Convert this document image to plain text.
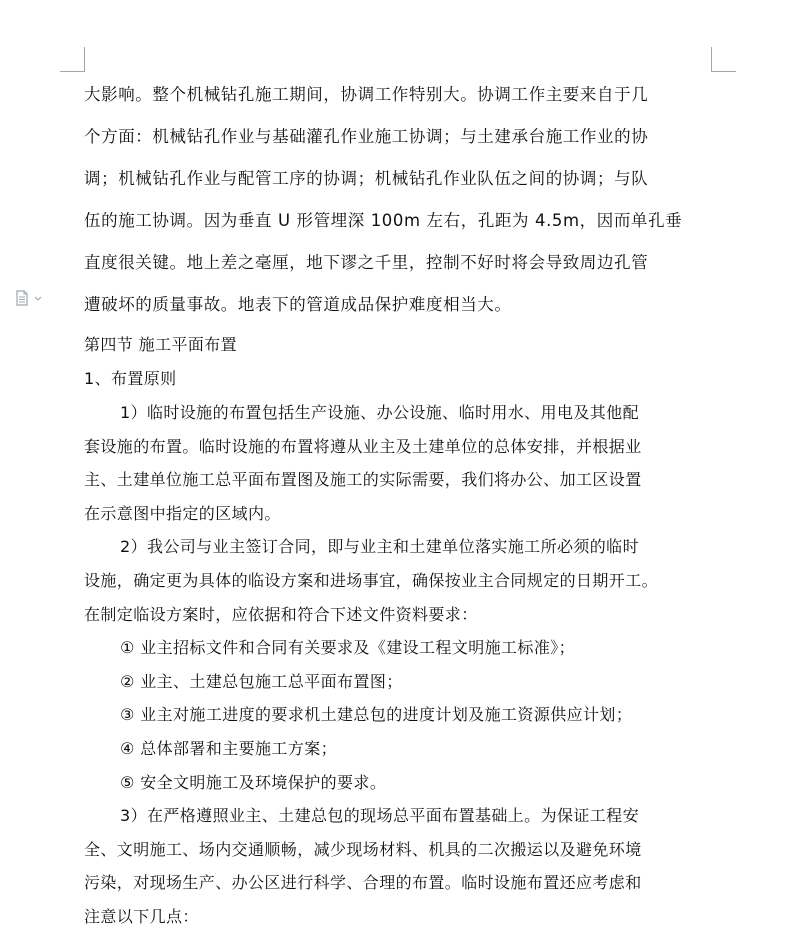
大影响。整个机械钻孔施工期间，协调工作特别大。协调工作主要来自于几
个方面：机械钻孔作业与基础灌孔作业施工协调；与土建承台施工作业的协
调；机械钻孔作业与配管工序的协调；机械钻孔作业队伍之间的协调；与队
伍的施工协调。因为垂直 U 形管埋深 100m 左右，孔距为 4.5m，因而单孔垂
直度很关键。地上差之毫厘，地下谬之千里，控制不好时将会导致周边孔管
遭破坏的质量事故。地表下的管道成品保护难度相当大。

第四节 施工平面布置

1、布置原则

1）临时设施的布置包括生产设施、办公设施、临时用水、用电及其他配
套设施的布置。临时设施的布置将遵从业主及土建单位的总体安排，并根据业
主、土建单位施工总平面布置图及施工的实际需要，我们将办公、加工区设置
在示意图中指定的区域内。

2）我公司与业主签订合同，即与业主和土建单位落实施工所必须的临时
设施，确定更为具体的临设方案和进场事宜，确保按业主合同规定的日期开工。
在制定临设方案时，应依据和符合下述文件资料要求：

① 业主招标文件和合同有关要求及《建设工程文明施工标准》；

② 业主、土建总包施工总平面布置图；

③ 业主对施工进度的要求机土建总包的进度计划及施工资源供应计划；

④ 总体部署和主要施工方案；

⑤ 安全文明施工及环境保护的要求。

3）在严格遵照业主、土建总包的现场总平面布置基础上。为保证工程安
全、文明施工、场内交通顺畅，减少现场材料、机具的二次搬运以及避免环境
污染，对现场生产、办公区进行科学、合理的布置。临时设施布置还应考虑和
注意以下几点：
